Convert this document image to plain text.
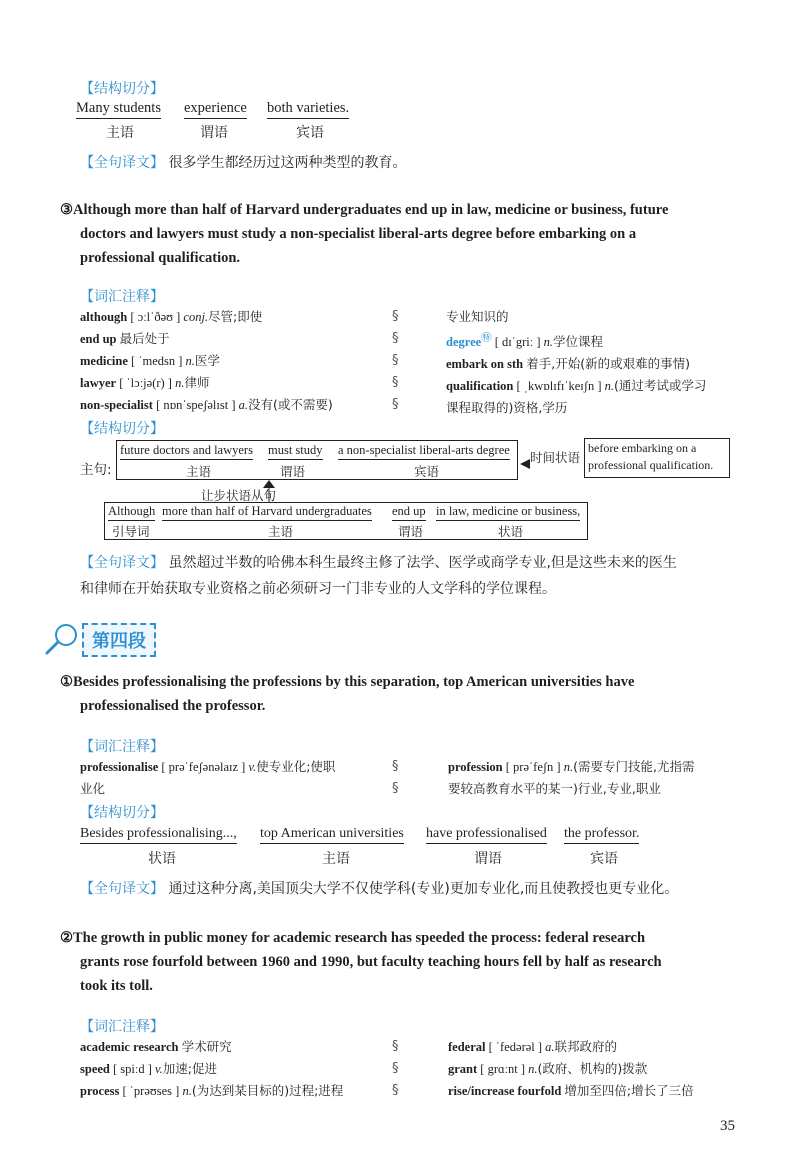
【结构切分】
Many students
主语
experience
谓语
both varieties.
宾语
【全句译文】 很多学生都经历过这两种类型的教育。
③Although more than half of Harvard undergraduates end up in law, medicine or business, future
doctors and lawyers must study a non-specialist liberal-arts degree before embarking on a
professional qualification.
【词汇注释】
although [ ɔːlˈðəʊ ] conj.尽管;即使
end up 最后处于
medicine [ ˈmedsn ] n.医学
lawyer [ ˈlɔːjə(r) ] n.律师
non-specialist [ nɒnˈspeʃəlɪst ] a.没有(或不需要)
§
§
§
§
§
专业知识的
degree㊕ [ dɪˈgriː ] n.学位课程
embark on sth 着手,开始(新的或艰难的事情)
qualification [ ˌkwɒlɪfɪˈkeɪʃn ] n.(通过考试或学习
课程取得的)资格,学历
【结构切分】
主句:
future doctors and lawyers
主语
must study
谓语
a non-specialist liberal-arts degree
宾语
时间状语
before embarking on a
professional qualification.
让步状语从句
Although
引导词
more than half of Harvard undergraduates
主语
end up
谓语
in law, medicine or business,
状语
【全句译文】 虽然超过半数的哈佛本科生最终主修了法学、医学或商学专业,但是这些未来的医生
和律师在开始获取专业资格之前必须研习一门非专业的人文学科的学位课程。
第四段
①Besides professionalising the professions by this separation, top American universities have
professionalised the professor.
【词汇注释】
professionalise [ prəˈfeʃənəlaɪz ] v.使专业化;使职
业化
§
§
profession [ prəˈfeʃn ] n.(需要专门技能,尤指需
要较高教育水平的某一)行业,专业,职业
【结构切分】
Besides professionalising...,
状语
top American universities
主语
have professionalised
谓语
the professor.
宾语
【全句译文】 通过这种分离,美国顶尖大学不仅使学科(专业)更加专业化,而且使教授也更专业化。
②The growth in public money for academic research has speeded the process: federal research
grants rose fourfold between 1960 and 1990, but faculty teaching hours fell by half as research
took its toll.
【词汇注释】
academic research 学术研究
speed [ spiːd ] v.加速;促进
process [ ˈprəʊses ] n.(为达到某目标的)过程;进程
§
§
§
federal [ ˈfedərəl ] a.联邦政府的
grant [ grɑːnt ] n.(政府、机构的)拨款
rise/increase fourfold 增加至四倍;增长了三倍
35
